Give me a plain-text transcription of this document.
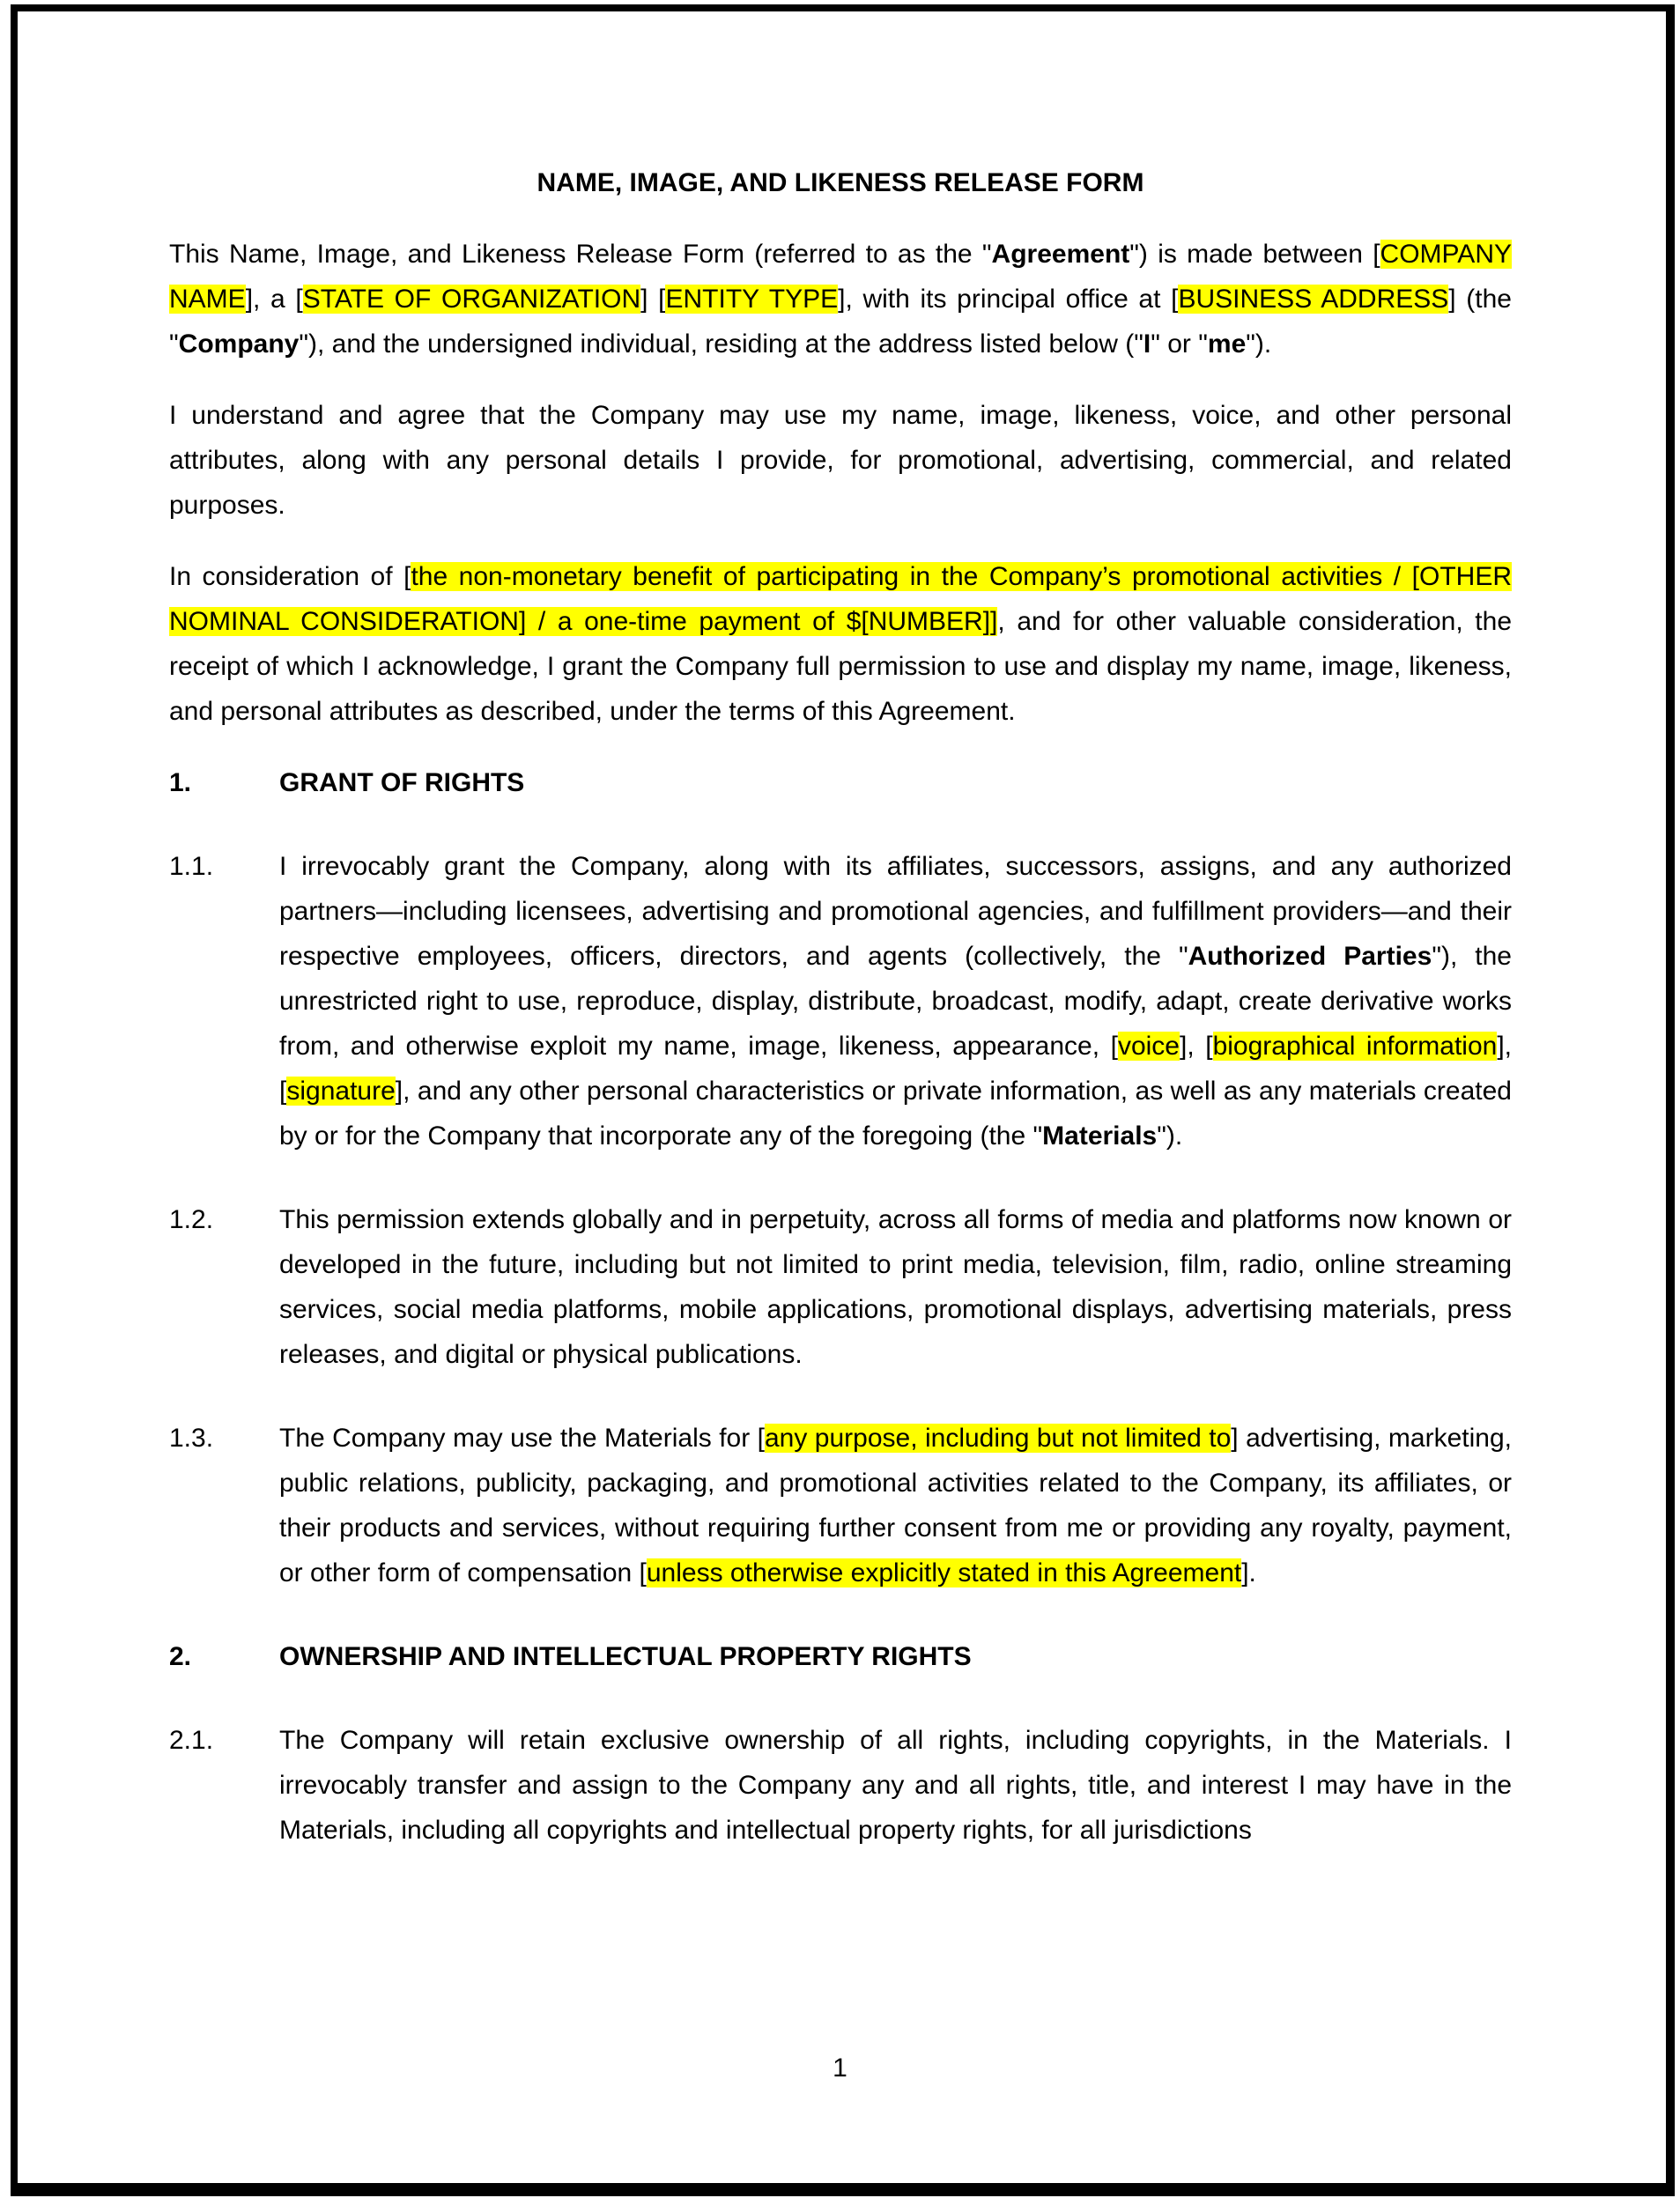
NAME, IMAGE, AND LIKENESS RELEASE FORM
This Name, Image, and Likeness Release Form (referred to as the "Agreement") is made between [COMPANY NAME], a [STATE OF ORGANIZATION] [ENTITY TYPE], with its principal office at [BUSINESS ADDRESS] (the "Company"), and the undersigned individual, residing at the address listed below ("I" or "me").
I understand and agree that the Company may use my name, image, likeness, voice, and other personal attributes, along with any personal details I provide, for promotional, advertising, commercial, and related purposes.
In consideration of [the non-monetary benefit of participating in the Company’s promotional activities / [OTHER NOMINAL CONSIDERATION] / a one-time payment of $[NUMBER]], and for other valuable consideration, the receipt of which I acknowledge, I grant the Company full permission to use and display my name, image, likeness, and personal attributes as described, under the terms of this Agreement.
1.	GRANT OF RIGHTS
1.1.	I irrevocably grant the Company, along with its affiliates, successors, assigns, and any authorized partners—including licensees, advertising and promotional agencies, and fulfillment providers—and their respective employees, officers, directors, and agents (collectively, the "Authorized Parties"), the unrestricted right to use, reproduce, display, distribute, broadcast, modify, adapt, create derivative works from, and otherwise exploit my name, image, likeness, appearance, [voice], [biographical information], [signature], and any other personal characteristics or private information, as well as any materials created by or for the Company that incorporate any of the foregoing (the "Materials").
1.2.	This permission extends globally and in perpetuity, across all forms of media and platforms now known or developed in the future, including but not limited to print media, television, film, radio, online streaming services, social media platforms, mobile applications, promotional displays, advertising materials, press releases, and digital or physical publications.
1.3.	The Company may use the Materials for [any purpose, including but not limited to] advertising, marketing, public relations, publicity, packaging, and promotional activities related to the Company, its affiliates, or their products and services, without requiring further consent from me or providing any royalty, payment, or other form of compensation [unless otherwise explicitly stated in this Agreement].
2.	OWNERSHIP AND INTELLECTUAL PROPERTY RIGHTS
2.1.	The Company will retain exclusive ownership of all rights, including copyrights, in the Materials. I irrevocably transfer and assign to the Company any and all rights, title, and interest I may have in the Materials, including all copyrights and intellectual property rights, for all jurisdictions
1
